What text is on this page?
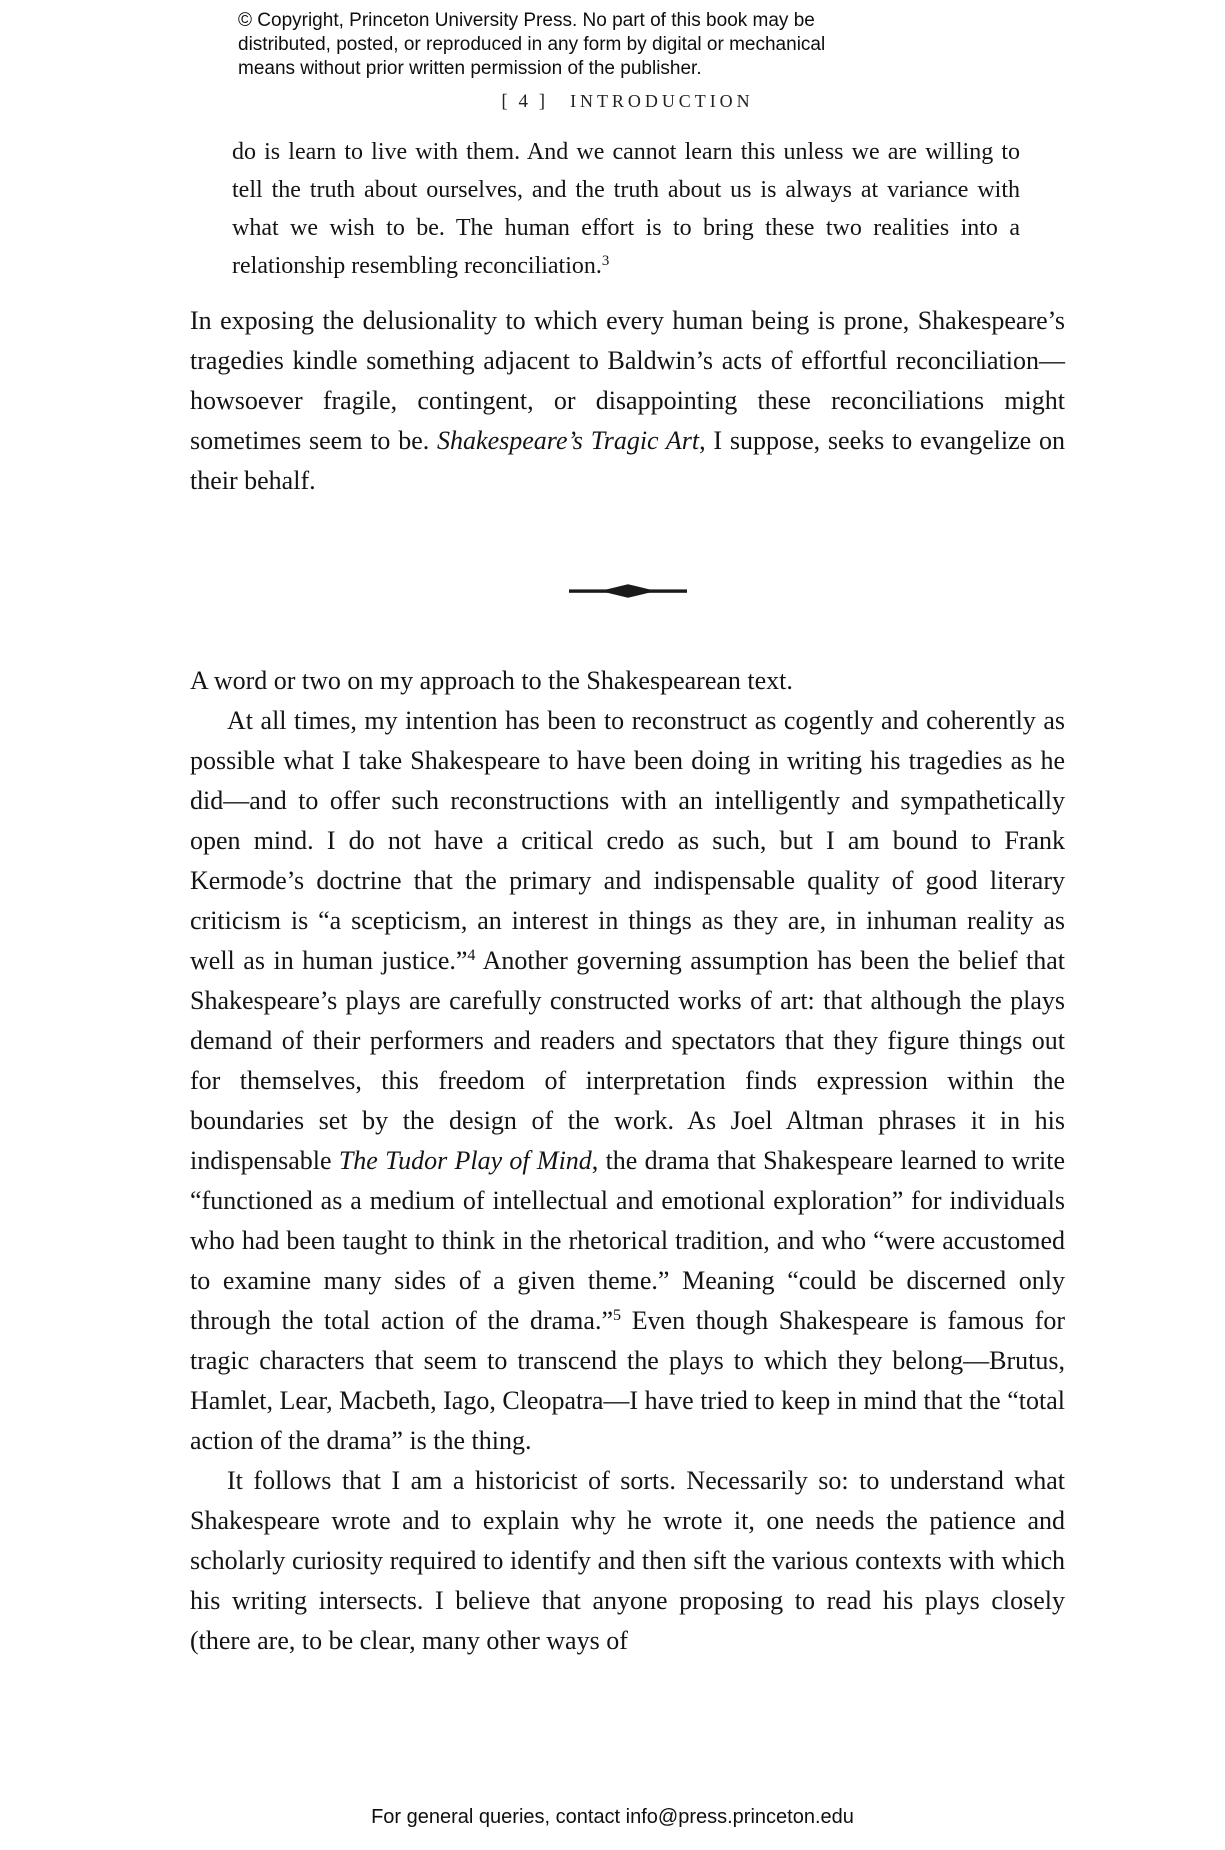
© Copyright, Princeton University Press. No part of this book may be
distributed, posted, or reproduced in any form by digital or mechanical
means without prior written permission of the publisher.
[ 4 ] INTRODUCTION
do is learn to live with them. And we cannot learn this unless we are willing to tell the truth about ourselves, and the truth about us is always at variance with what we wish to be. The human effort is to bring these two realities into a relationship resembling reconciliation.$^3$

In exposing the delusionality to which every human being is prone, Shakespeare’s tragedies kindle something adjacent to Baldwin’s acts of effortful reconciliation—howsoever fragile, contingent, or disappointing these reconciliations might sometimes seem to be. Shakespeare’s Tragic Art, I suppose, seeks to evangelize on their behalf.

A word or two on my approach to the Shakespearean text.

At all times, my intention has been to reconstruct as cogently and coherently as possible what I take Shakespeare to have been doing in writing his tragedies as he did—and to offer such reconstructions with an intelligently and sympathetically open mind. I do not have a critical credo as such, but I am bound to Frank Kermode’s doctrine that the primary and indispensable quality of good literary criticism is “a scepticism, an interest in things as they are, in inhuman reality as well as in human justice.”$^4$ Another governing assumption has been the belief that Shakespeare’s plays are carefully constructed works of art: that although the plays demand of their performers and readers and spectators that they figure things out for themselves, this freedom of interpretation finds expression within the boundaries set by the design of the work. As Joel Altman phrases it in his indispensable The Tudor Play of Mind, the drama that Shakespeare learned to write “functioned as a medium of intellectual and emotional exploration” for individuals who had been taught to think in the rhetorical tradition, and who “were accustomed to examine many sides of a given theme.” Meaning “could be discerned only through the total action of the drama.”$^5$ Even though Shakespeare is famous for tragic characters that seem to transcend the plays to which they belong—Brutus, Hamlet, Lear, Macbeth, Iago, Cleopatra—I have tried to keep in mind that the “total action of the drama” is the thing.

It follows that I am a historicist of sorts. Necessarily so: to understand what Shakespeare wrote and to explain why he wrote it, one needs the patience and scholarly curiosity required to identify and then sift the various contexts with which his writing intersects. I believe that anyone proposing to read his plays closely (there are, to be clear, many other ways of

For general queries, contact info@press.princeton.edu
